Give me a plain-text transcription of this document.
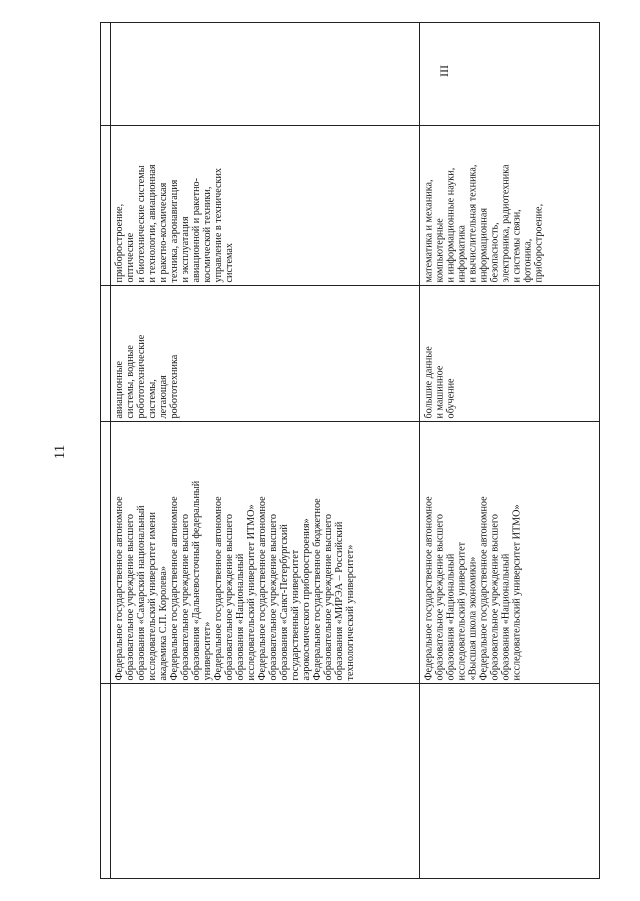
11
Федеральное государственное автономное образовательное учреждение высшего образования «Самарский национальный исследовательский университет имени академика С.П. Королева» Федеральное государственное автономное образовательное учреждение высшего образования «Дальневосточный федеральный университет» Федеральное государственное автономное образовательное учреждение высшего образования «Национальный исследовательский университет ИТМО» Федеральное государственное автономное образовательное учреждение высшего образования «Санкт-Петербургский государственный университет аэрокосмического приборостроения» Федеральное государственное бюджетное образовательное учреждение высшего образования «МИРЭА – Российский технологический университет»
авиационные системы, водные робототехнические системы, летающая робототехника
приборостроение, оптические и биотехнические системы и технологии, авиационная и ракетно-космическая техника, аэронавигация и эксплуатация авиационной и ракетно- космической техники, управление в технических системах
Федеральное государственное автономное образовательное учреждение высшего образования «Национальный исследовательский университет «Высшая школа экономики» Федеральное государственное автономное образовательное учреждение высшего образования «Национальный исследовательский университет ИТМО»
большие данные и машинное обучение
математика и механика, компьютерные и информационные науки, информатика и вычислительная техника, информационная безопасность, электроника, радиотехника и системы связи, фотоника, приборостроение,
III
